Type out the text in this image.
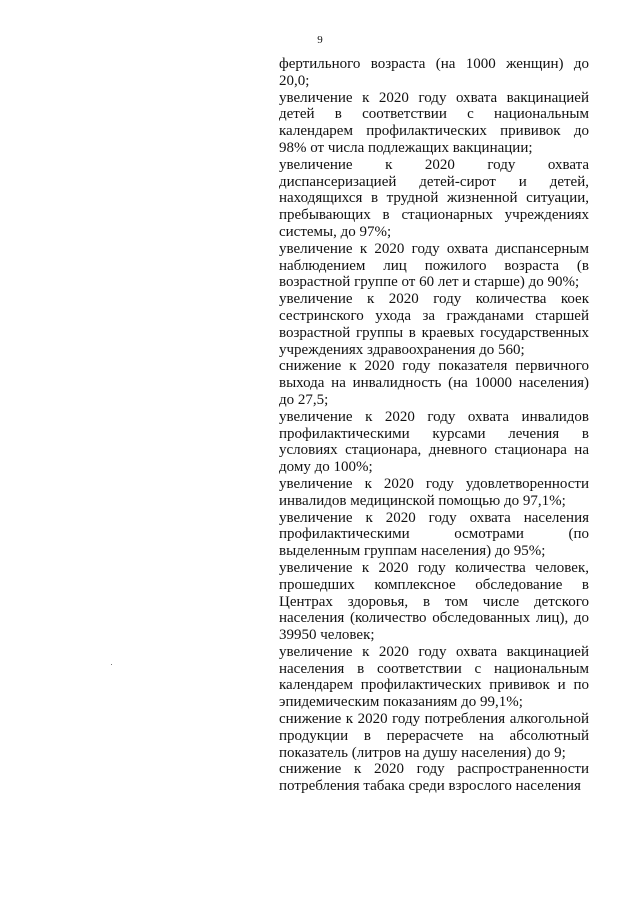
9

фертильного возраста (на 1000 женщин) до 20,0;

увеличение к 2020 году охвата вакцинацией детей в соответствии с национальным календарем профилактических прививок до 98% от числа подлежащих вакцинации;

увеличение к 2020 году охвата диспансеризацией детей-сирот и детей, находящихся в трудной жизненной ситуации, пребывающих в стационарных учреждениях системы, до 97%;

увеличение к 2020 году охвата диспансерным наблюдением лиц пожилого возраста (в возрастной группе от 60 лет и старше) до 90%;

увеличение к 2020 году количества коек сестринского ухода за гражданами старшей возрастной группы в краевых государственных учреждениях здравоохранения до 560;

снижение к 2020 году показателя первичного выхода на инвалидность (на 10000 населения) до 27,5;

увеличение к 2020 году охвата инвалидов профилактическими курсами лечения в условиях стационара, дневного стационара на дому до 100%;

увеличение к 2020 году удовлетворенности инвалидов медицинской помощью до 97,1%;

увеличение к 2020 году охвата населения профилактическими осмотрами (по выделенным группам населения) до 95%;

увеличение к 2020 году количества человек, прошедших комплексное обследование в Центрах здоровья, в том числе детского населения (количество обследованных лиц), до 39950 человек;

увеличение к 2020 году охвата вакцинацией населения в соответствии с национальным календарем профилактических прививок и по эпидемическим показаниям до 99,1%;

снижение к 2020 году потребления алкогольной продукции в перерасчете на абсолютный показатель (литров на душу населения) до 9;

снижение к 2020 году распространенности потребления табака среди взрослого населения
